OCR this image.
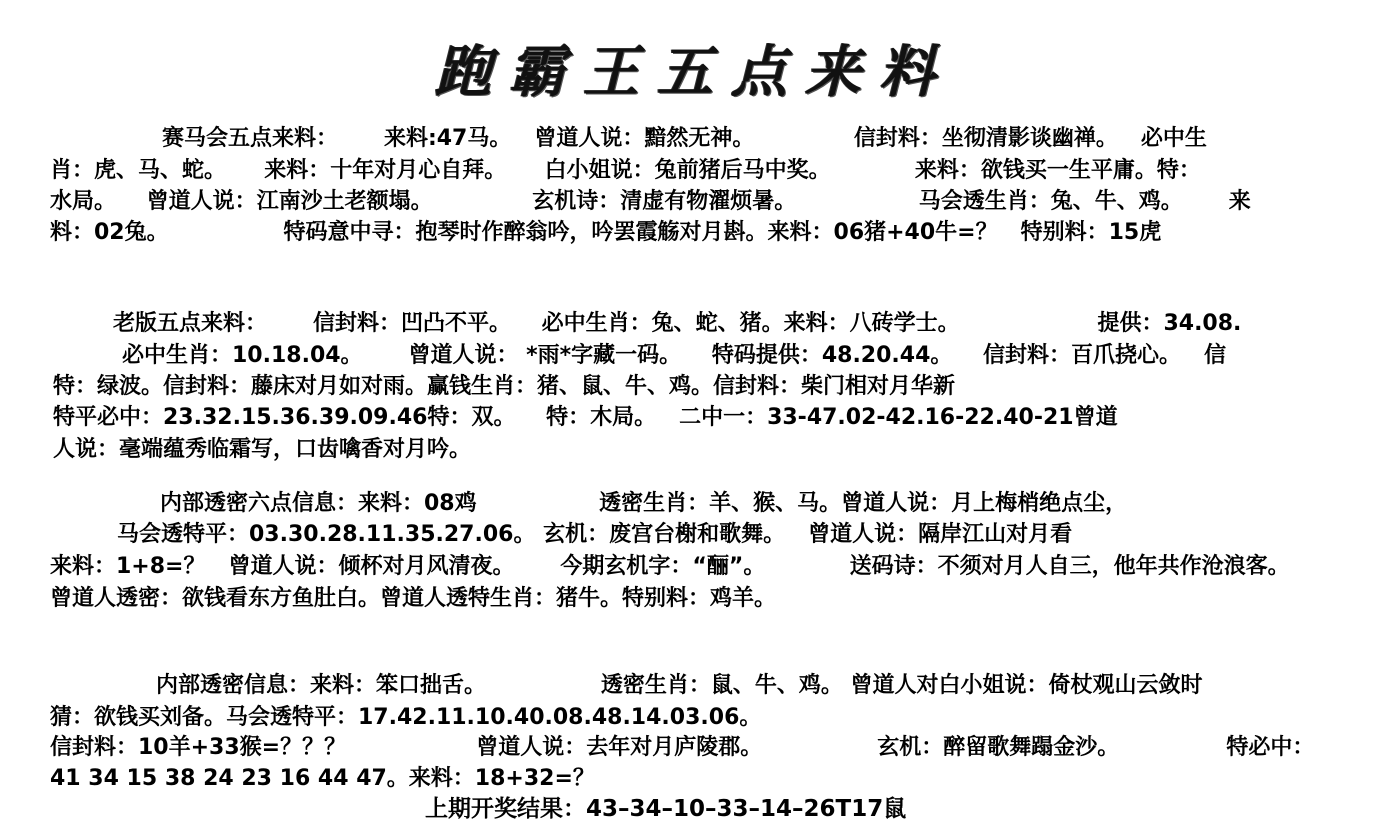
跑霸王五点来料
赛马会五点来料：      来料:47马。   曾道人说：黯然无神。             信封料：坐彻清影谈幽禅。   必中生
肖：虎、马、蛇。     来料：十年对月心自拜。     白小姐说：兔前猪后马中奖。           来料：欲钱买一生平庸。特：
水局。    曾道人说：江南沙土老额塌。             玄机诗：清虚有物濯烦暑。                马会透生肖：兔、牛、鸡。      来
料：02兔。               特码意中寻：抱琴时作醉翁吟，吟罢霞觞对月斟。来料：06猪+40牛=？   特别料：15虎
老版五点来料：      信封料：凹凸不平。    必中生肖：兔、蛇、猪。来料：八砖学士。                  提供：34.08.
必中生肖：10.18.04。      曾道人说： *雨*字藏一码。    特码提供：48.20.44。    信封料：百爪挠心。   信
特：绿波。信封料：藤床对月如对雨。赢钱生肖：猪、鼠、牛、鸡。信封料：柴门相对月华新
特平必中：23.32.15.36.39.09.46特：双。    特：木局。   二中一：33-47.02-42.16-22.40-21曾道
人说：毫端蕴秀临霜写，口齿噙香对月吟。
内部透密六点信息：来料：08鸡                透密生肖：羊、猴、马。曾道人说：月上梅梢绝点尘，
马会透特平：03.30.28.11.35.27.06。 玄机：废宫台榭和歌舞。   曾道人说：隔岸江山对月看
来料：1+8=？   曾道人说：倾杯对月风清夜。      今期玄机字：“酾”。           送码诗：不须对月人自三，他年共作沧浪客。
曾道人透密：欲钱看东方鱼肚白。曾道人透特生肖：猪牛。特别料：鸡羊。
内部透密信息：来料：笨口拙舌。               透密生肖：鼠、牛、鸡。 曾道人对白小姐说：倚杖观山云敛时
猜：欲钱买刘备。马会透特平：17.42.11.10.40.08.48.14.03.06。
信封料：10羊+33猴=？？？                 曾道人说：去年对月庐陵郡。               玄机：醉留歌舞蹋金沙。              特必中：
41 34 15 38 24 23 16 44 47。来料：18+32=？
上期开奖结果：43–34–10–33–14–26T17鼠
